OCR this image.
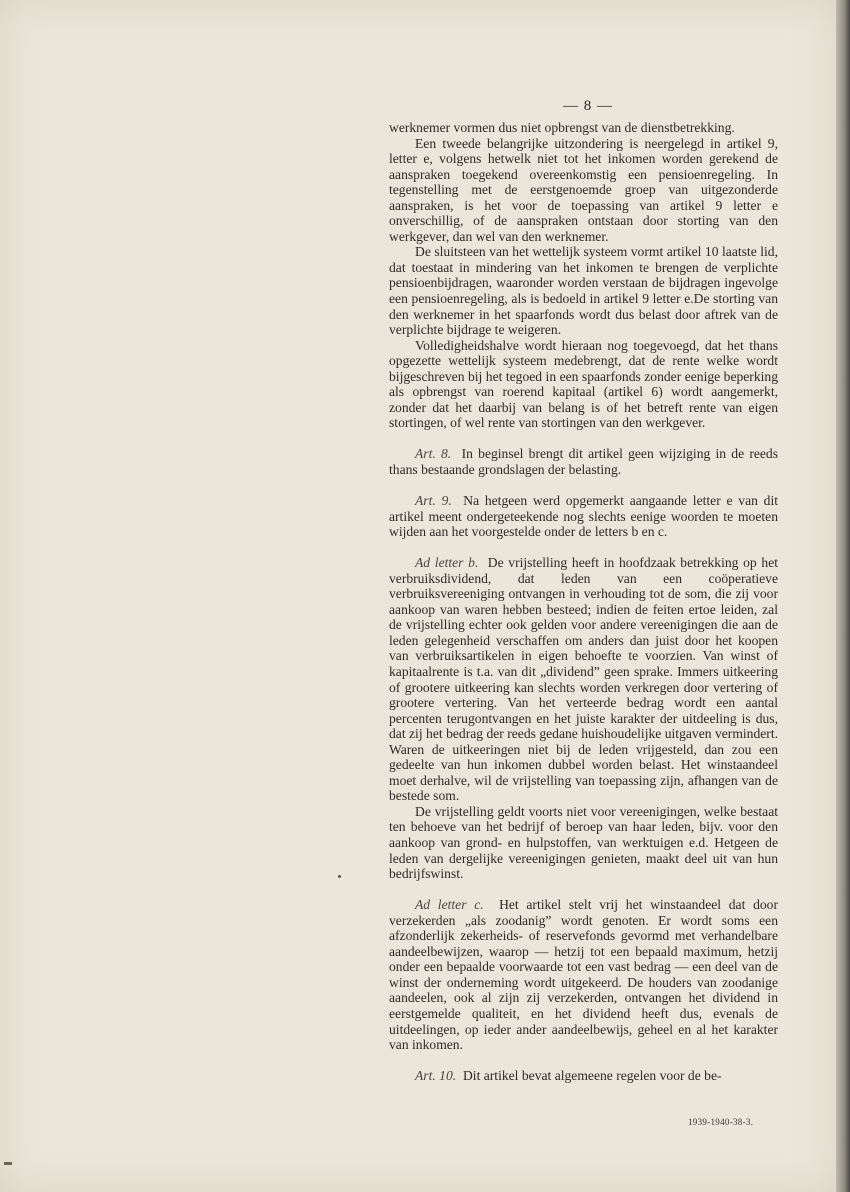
— 8 —

werknemer vormen dus niet opbrengst van de dienstbetrekking.

Een tweede belangrijke uitzondering is neergelegd in artikel 9, letter e, volgens hetwelk niet tot het inkomen worden gerekend de aanspraken toegekend overeenkomstig een pensioenregeling. In tegenstelling met de eerstgenoemde groep van uitgezonderde aanspraken, is het voor de toepassing van artikel 9 letter e onverschillig, of de aanspraken ontstaan door storting van den werkgever, dan wel van den werknemer.

De sluitsteen van het wettelijk systeem vormt artikel 10 laatste lid, dat toestaat in mindering van het inkomen te brengen de verplichte pensioenbijdragen, waaronder worden verstaan de bijdragen ingevolge een pensioenregeling, als is bedoeld in artikel 9 letter e.De storting van den werknemer in het spaarfonds wordt dus belast door aftrek van de verplichte bijdrage te weigeren.

Volledigheidshalve wordt hieraan nog toegevoegd, dat het thans opgezette wettelijk systeem medebrengt, dat de rente welke wordt bijgeschreven bij het tegoed in een spaarfonds zonder eenige beperking als opbrengst van roerend kapitaal (artikel 6) wordt aangemerkt, zonder dat het daarbij van belang is of het betreft rente van eigen stortingen, of wel rente van stortingen van den werkgever.

Art. 8. In beginsel brengt dit artikel geen wijziging in de reeds thans bestaande grondslagen der belasting.

Art. 9. Na hetgeen werd opgemerkt aangaande letter e van dit artikel meent ondergeteekende nog slechts eenige woorden te moeten wijden aan het voorgestelde onder de letters b en c.

Ad letter b. De vrijstelling heeft in hoofdzaak betrekking op het verbruiksdividend, dat leden van een coöperatieve verbruiksvereeniging ontvangen in verhouding tot de som, die zij voor aankoop van waren hebben besteed; indien de feiten ertoe leiden, zal de vrijstelling echter ook gelden voor andere vereenigingen die aan de leden gelegenheid verschaffen om anders dan juist door het koopen van verbruiksartikelen in eigen behoefte te voorzien. Van winst of kapitaalrente is t.a. van dit „dividend” geen sprake. Immers uitkeering of grootere uitkeering kan slechts worden verkregen door vertering of grootere vertering. Van het verteerde bedrag wordt een aantal percenten terugontvangen en het juiste karakter der uitdeeling is dus, dat zij het bedrag der reeds gedane huishoudelijke uitgaven vermindert. Waren de uitkeeringen niet bij de leden vrijgesteld, dan zou een gedeelte van hun inkomen dubbel worden belast. Het winstaandeel moet derhalve, wil de vrijstelling van toepassing zijn, afhangen van de bestede som.

De vrijstelling geldt voorts niet voor vereenigingen, welke bestaat ten behoeve van het bedrijf of beroep van haar leden, bijv. voor den aankoop van grond- en hulpstoffen, van werktuigen e.d. Hetgeen de leden van dergelijke vereenigingen genieten, maakt deel uit van hun bedrijfswinst.

Ad letter c. Het artikel stelt vrij het winstaandeel dat door verzekerden „als zoodanig” wordt genoten. Er wordt soms een afzonderlijk zekerheids- of reservefonds gevormd met verhandelbare aandeelbewijzen, waarop — hetzij tot een bepaald maximum, hetzij onder een bepaalde voorwaarde tot een vast bedrag — een deel van de winst der onderneming wordt uitgekeerd. De houders van zoodanige aandeelen, ook al zijn zij verzekerden, ontvangen het dividend in eerstgemelde qualiteit, en het dividend heeft dus, evenals de uitdeelingen, op ieder ander aandeelbewijs, geheel en al het karakter van inkomen.

Art. 10. Dit artikel bevat algemeene regelen voor de be-

1939-1940-38-3.
